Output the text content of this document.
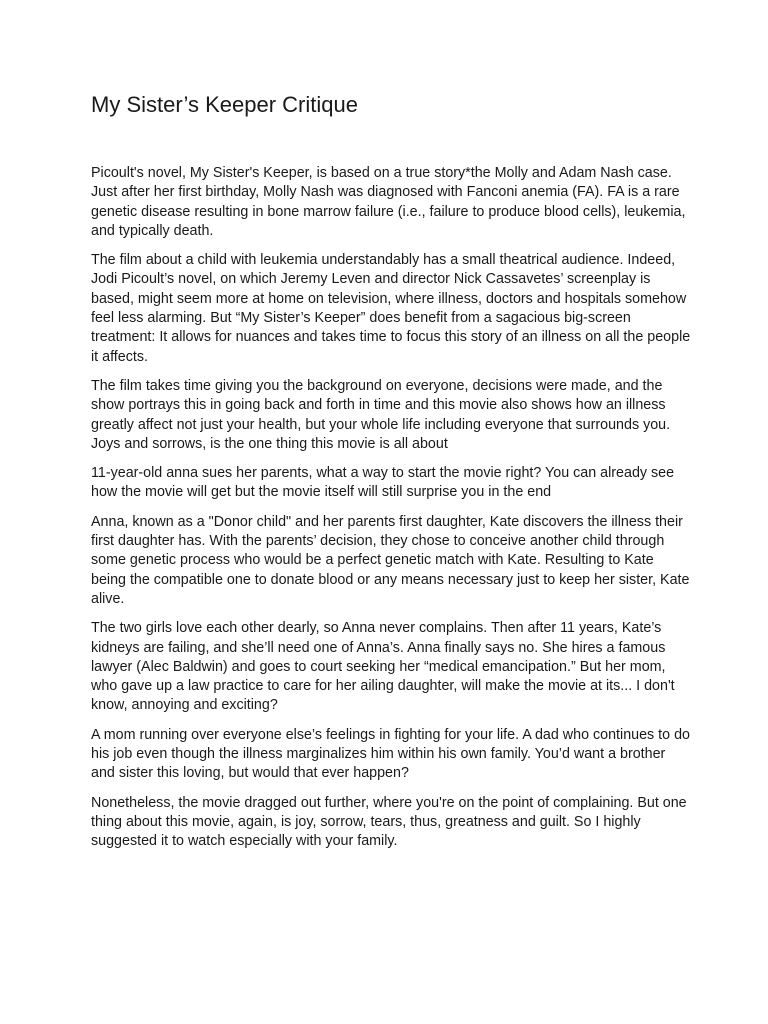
My Sister’s Keeper Critique

Picoult's novel, My Sister's Keeper, is based on a true story*the Molly and Adam Nash case. Just after her first birthday, Molly Nash was diagnosed with Fanconi anemia (FA). FA is a rare genetic disease resulting in bone marrow failure (i.e., failure to produce blood cells), leukemia, and typically death.

The film about a child with leukemia understandably has a small theatrical audience. Indeed, Jodi Picoult’s novel, on which Jeremy Leven and director Nick Cassavetes’ screenplay is based, might seem more at home on television, where illness, doctors and hospitals somehow feel less alarming. But “My Sister’s Keeper” does benefit from a sagacious big-screen treatment: It allows for nuances and takes time to focus this story of an illness on all the people it affects.

The film takes time giving you the background on everyone, decisions were made, and the show portrays this in going back and forth in time and this movie also shows how an illness greatly affect not just your health, but your whole life including everyone that surrounds you. Joys and sorrows, is the one thing this movie is all about

11-year-old anna sues her parents, what a way to start the movie right? You can already see how the movie will get but the movie itself will still surprise you in the end

Anna, known as a "Donor child" and her parents first daughter, Kate discovers the illness their first daughter has. With the parents’ decision, they chose to conceive another child through some genetic process who would be a perfect genetic match with Kate. Resulting to Kate being the compatible one to donate blood or any means necessary just to keep her sister, Kate alive.

The two girls love each other dearly, so Anna never complains. Then after 11 years, Kate’s kidneys are failing, and she’ll need one of Anna’s. Anna finally says no. She hires a famous lawyer (Alec Baldwin) and goes to court seeking her “medical emancipation.” But her mom, who gave up a law practice to care for her ailing daughter, will make the movie at its... I don't know, annoying and exciting?

A mom running over everyone else’s feelings in fighting for your life. A dad who continues to do his job even though the illness marginalizes him within his own family. You’d want a brother and sister this loving, but would that ever happen?

Nonetheless, the movie dragged out further, where you're on the point of complaining. But one thing about this movie, again, is joy, sorrow, tears, thus, greatness and guilt. So I highly suggested it to watch especially with your family.
